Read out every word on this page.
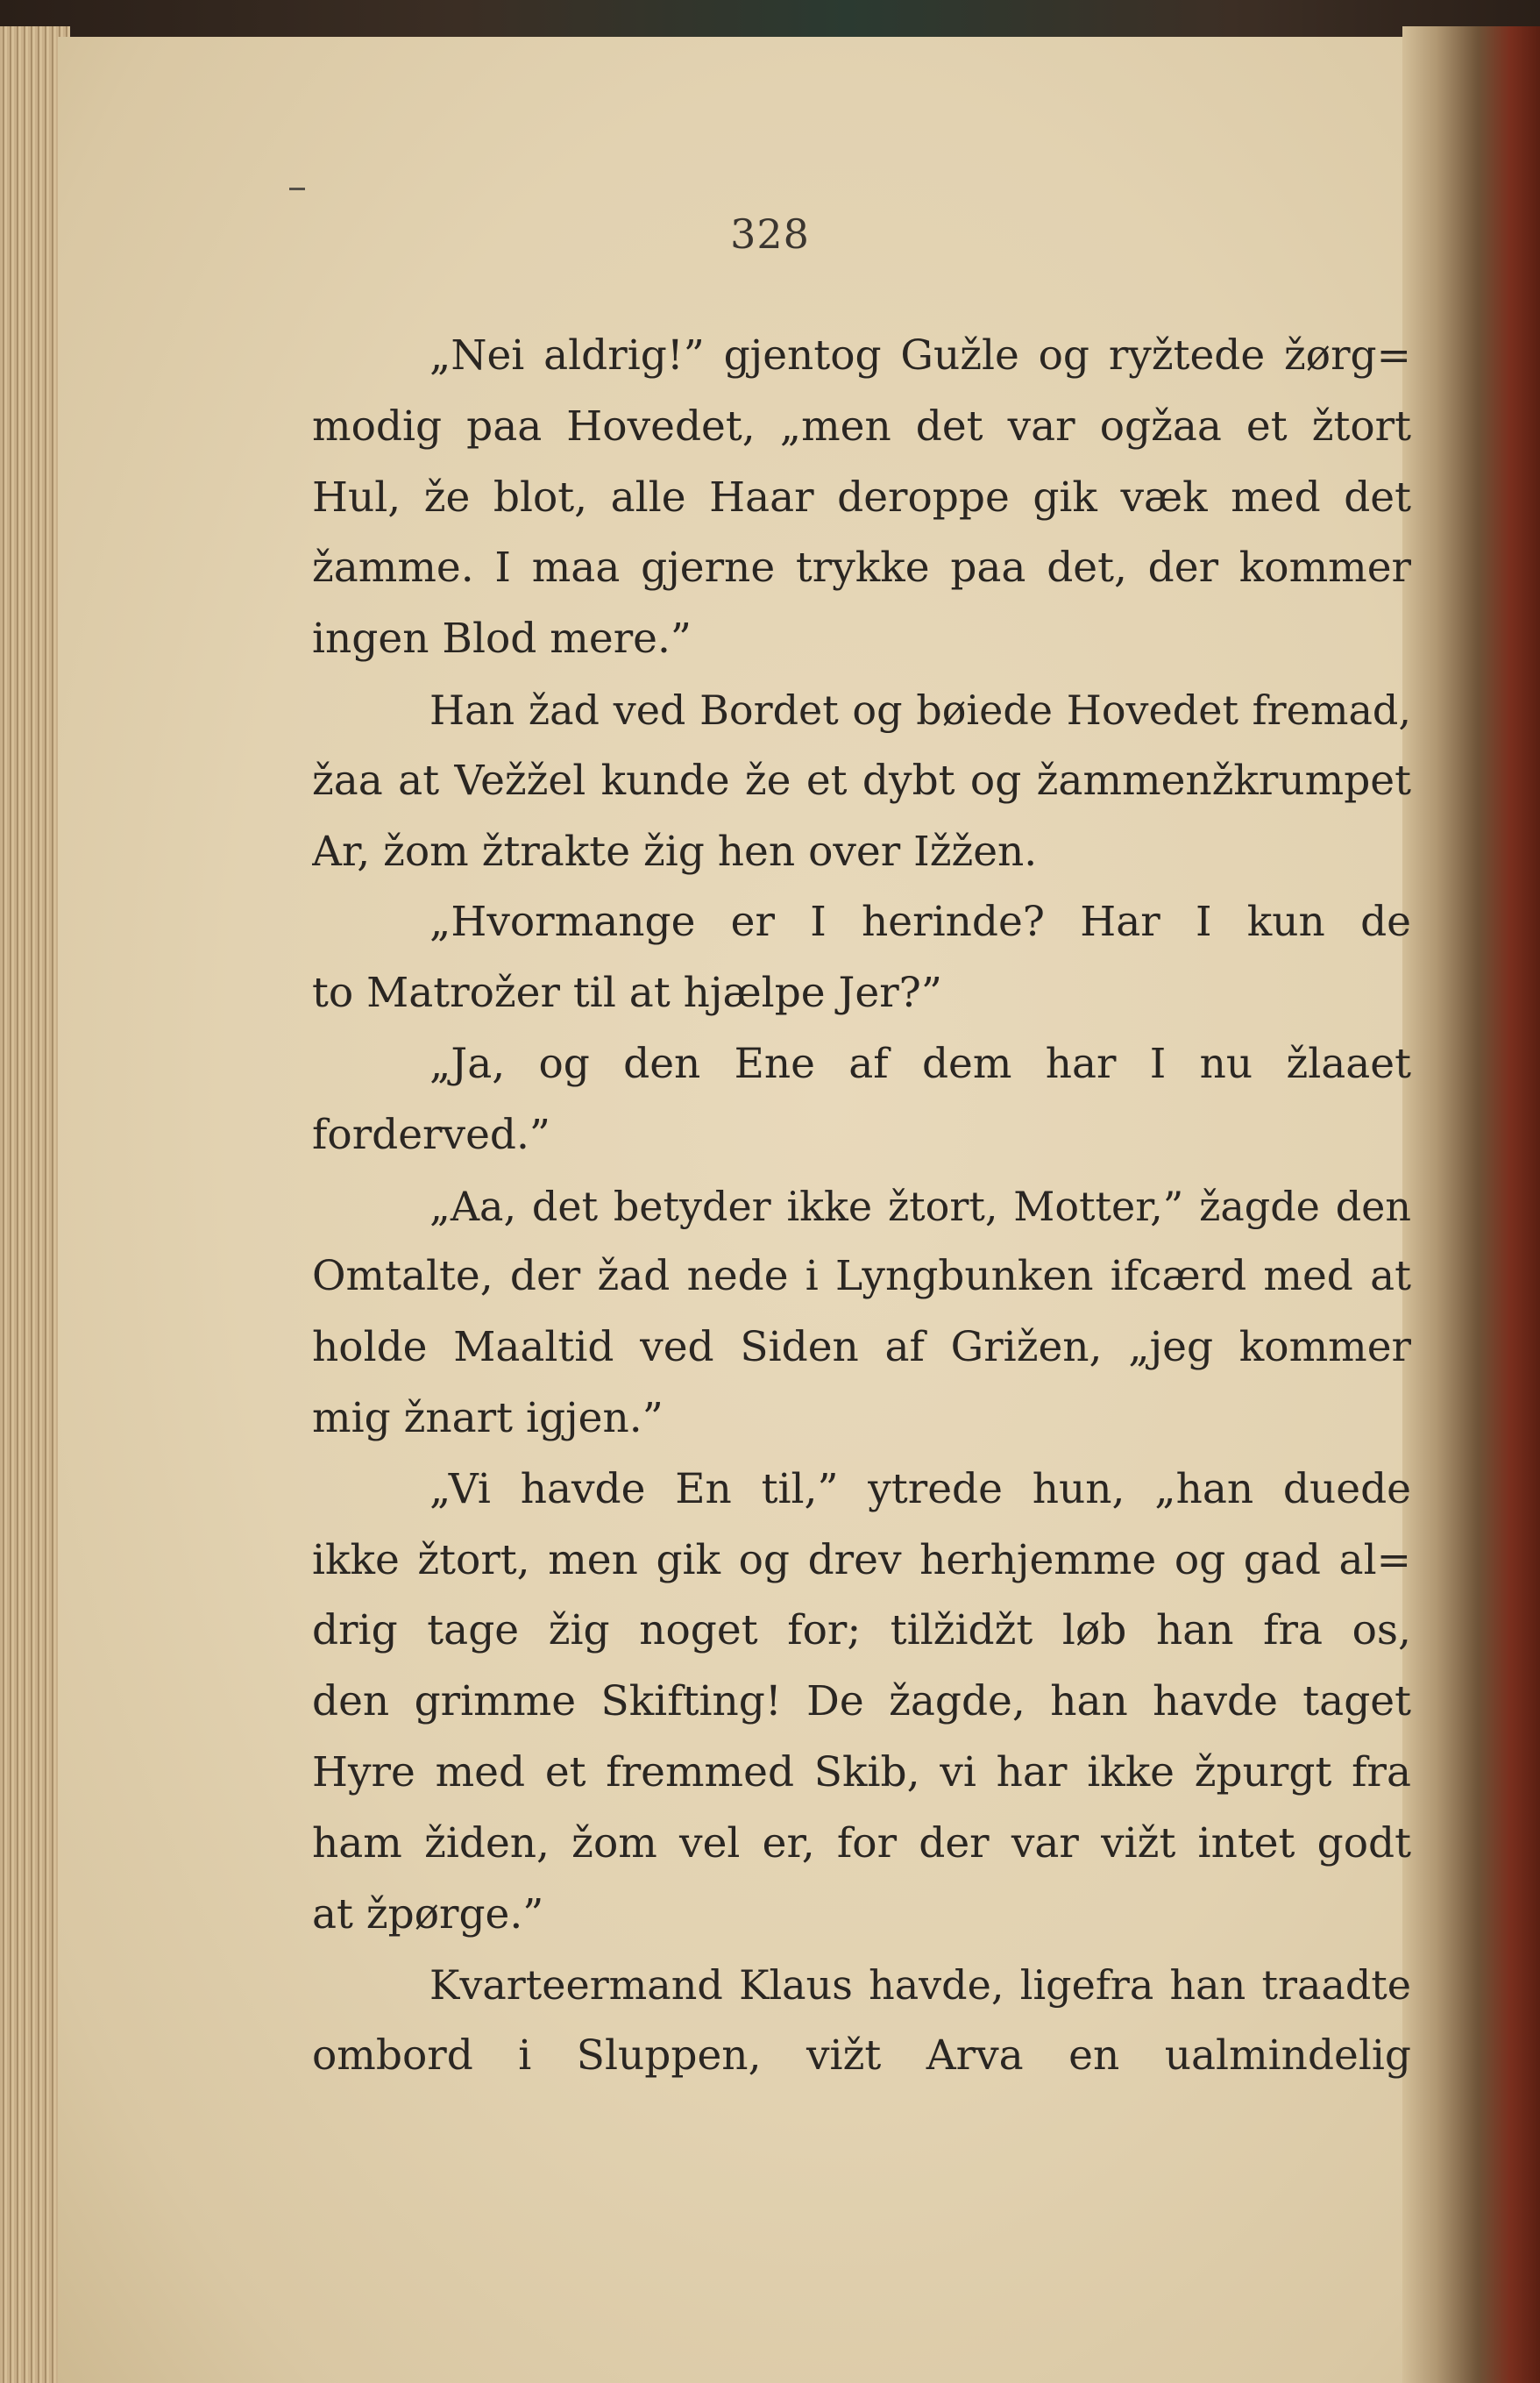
328
„Nei aldrig!” gjentog Gužle og ryžtede žørg=
modig paa Hovedet, „men det var ogžaa et žtort
Hul, že blot, alle Haar deroppe gik væk med det
žamme. I maa gjerne trykke paa det, der kommer
ingen Blod mere.”
Han žad ved Bordet og bøiede Hovedet fremad,
žaa at Vežžel kunde že et dybt og žammenžkrumpet
Ar, žom žtrakte žig hen over Ižžen.
„Hvormange er I herinde? Har I kun de
to Matrožer til at hjælpe Jer?”
„Ja, og den Ene af dem har I nu žlaaet
forderved.”
„Aa, det betyder ikke žtort, Motter,” žagde den
Omtalte, der žad nede i Lyngbunken ifcærd med at
holde Maaltid ved Siden af Grižen, „jeg kommer
mig žnart igjen.”
„Vi havde En til,” ytrede hun, „han duede
ikke žtort, men gik og drev herhjemme og gad al=
drig tage žig noget for; tilžidžt løb han fra os,
den grimme Skifting! De žagde, han havde taget
Hyre med et fremmed Skib, vi har ikke žpurgt fra
ham židen, žom vel er, for der var vižt intet godt
at žpørge.”
Kvarteermand Klaus havde, ligefra han traadte
ombord i Sluppen, vižt Arva en ualmindelig
